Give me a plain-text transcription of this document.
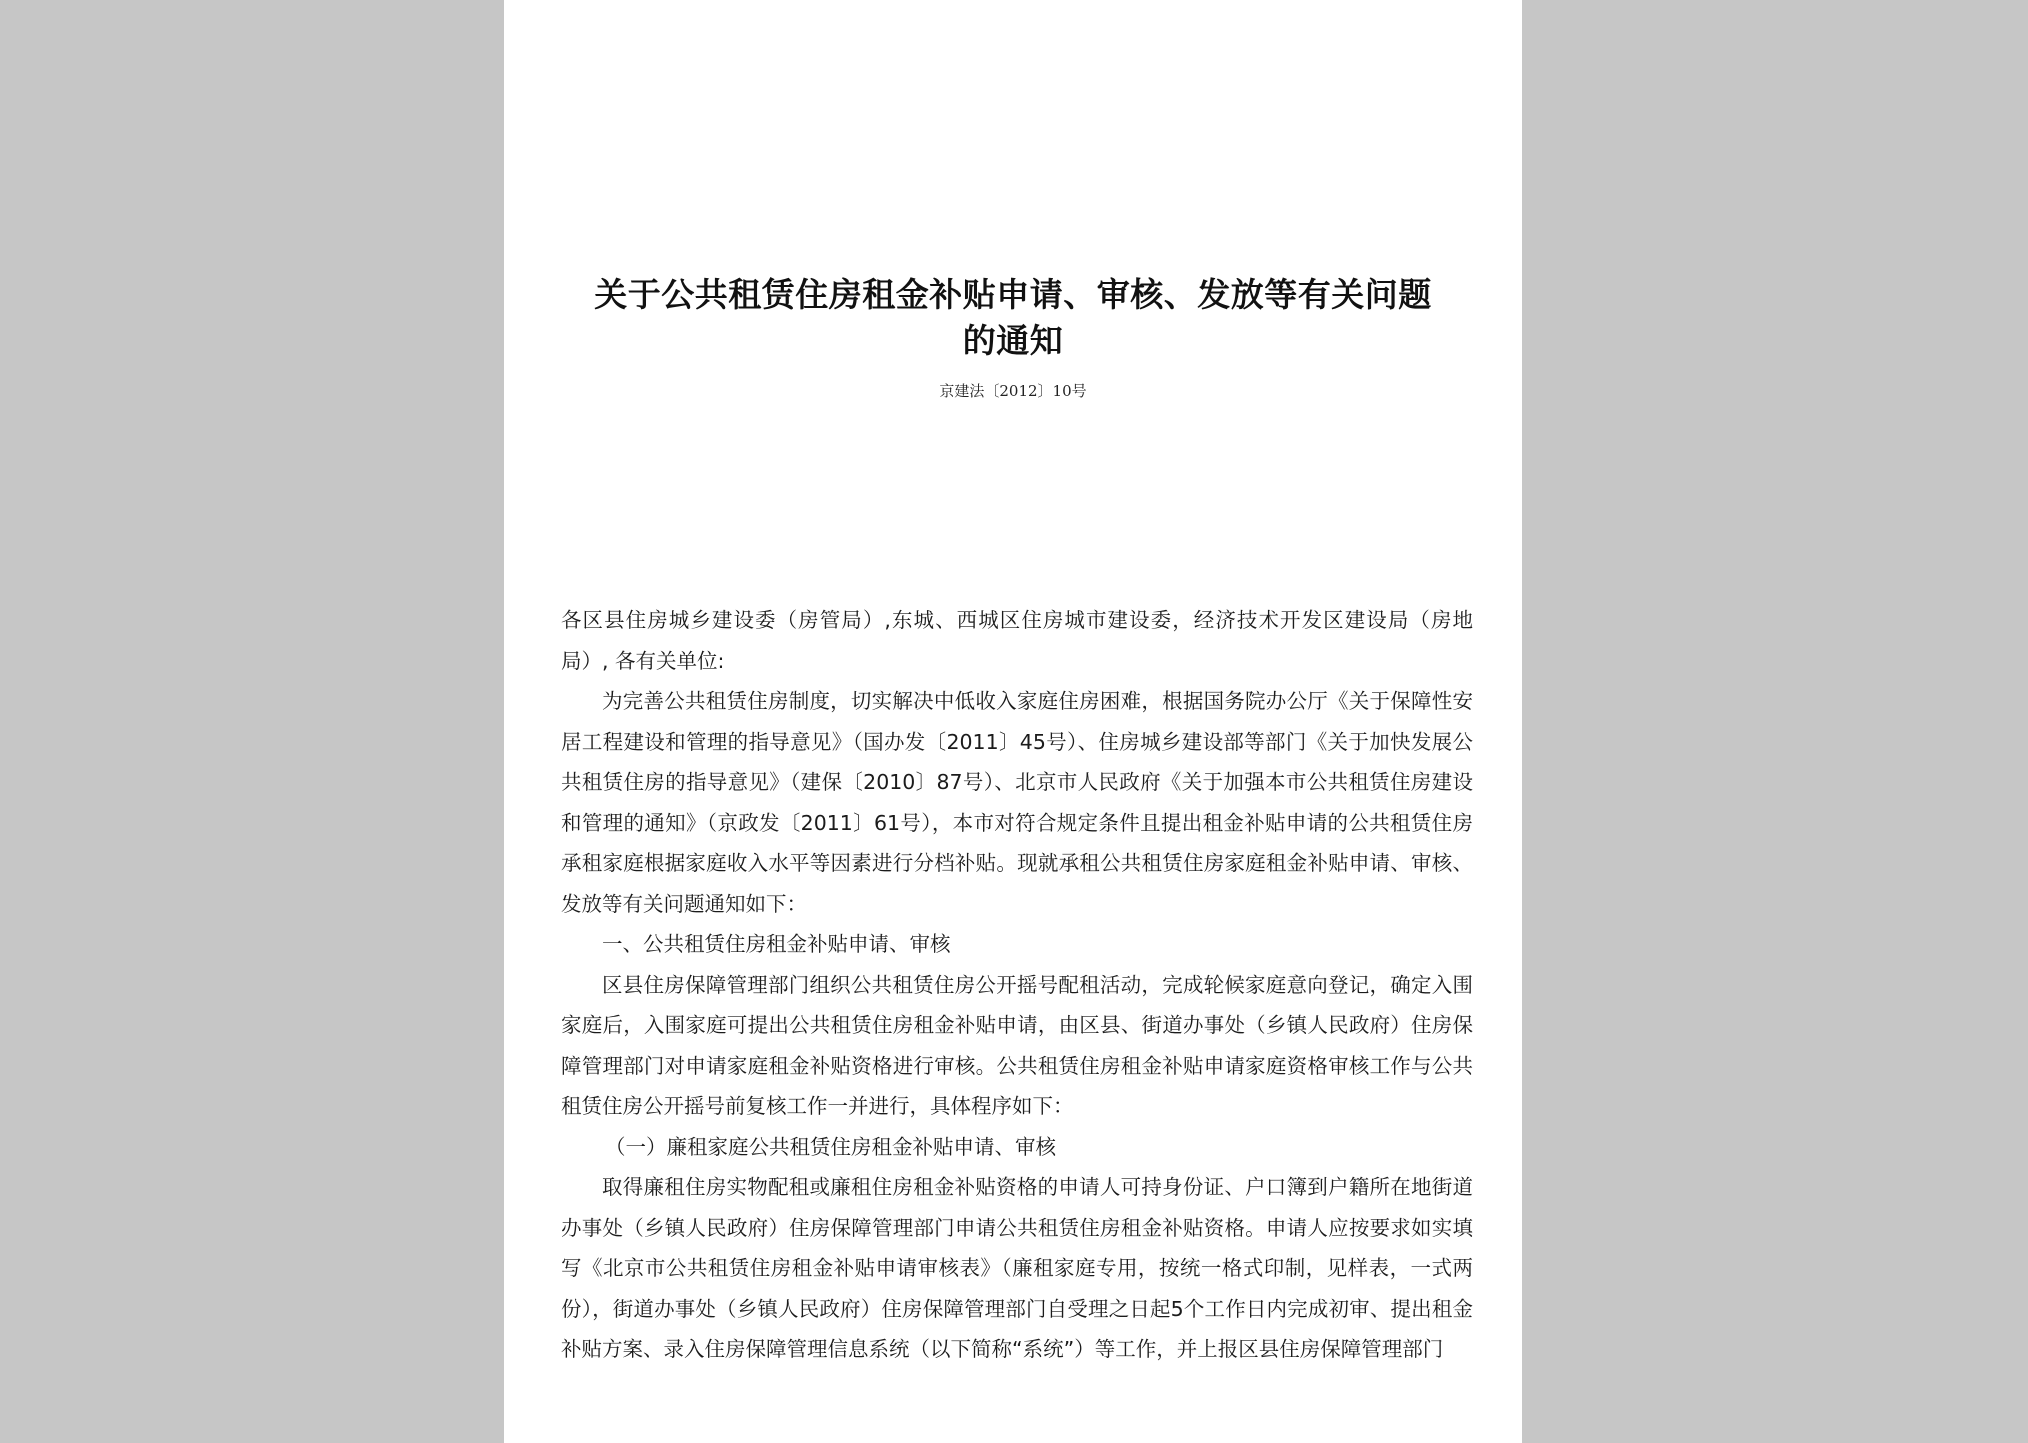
关于公共租赁住房租金补贴申请、审核、发放等有关问题
的通知
京建法〔2012〕10号

各区县住房城乡建设委（房管局）,东城、西城区住房城市建设委，经济技术开发区建设局（房地局）, 各有关单位:

为完善公共租赁住房制度，切实解决中低收入家庭住房困难，根据国务院办公厅《关于保障性安居工程建设和管理的指导意见》（国办发〔2011〕45号）、住房城乡建设部等部门《关于加快发展公共租赁住房的指导意见》（建保〔2010〕87号）、北京市人民政府《关于加强本市公共租赁住房建设和管理的通知》（京政发〔2011〕61号），本市对符合规定条件且提出租金补贴申请的公共租赁住房承租家庭根据家庭收入水平等因素进行分档补贴。现就承租公共租赁住房家庭租金补贴申请、审核、发放等有关问题通知如下：

一、公共租赁住房租金补贴申请、审核

区县住房保障管理部门组织公共租赁住房公开摇号配租活动，完成轮候家庭意向登记，确定入围家庭后，入围家庭可提出公共租赁住房租金补贴申请，由区县、街道办事处（乡镇人民政府）住房保障管理部门对申请家庭租金补贴资格进行审核。公共租赁住房租金补贴申请家庭资格审核工作与公共租赁住房公开摇号前复核工作一并进行，具体程序如下：

（一）廉租家庭公共租赁住房租金补贴申请、审核

取得廉租住房实物配租或廉租住房租金补贴资格的申请人可持身份证、户口簿到户籍所在地街道办事处（乡镇人民政府）住房保障管理部门申请公共租赁住房租金补贴资格。申请人应按要求如实填写《北京市公共租赁住房租金补贴申请审核表》（廉租家庭专用，按统一格式印制，见样表，一式两份），街道办事处（乡镇人民政府）住房保障管理部门自受理之日起5个工作日内完成初审、提出租金补贴方案、录入住房保障管理信息系统（以下简称“系统”）等工作，并上报区县住房保障管理部门
